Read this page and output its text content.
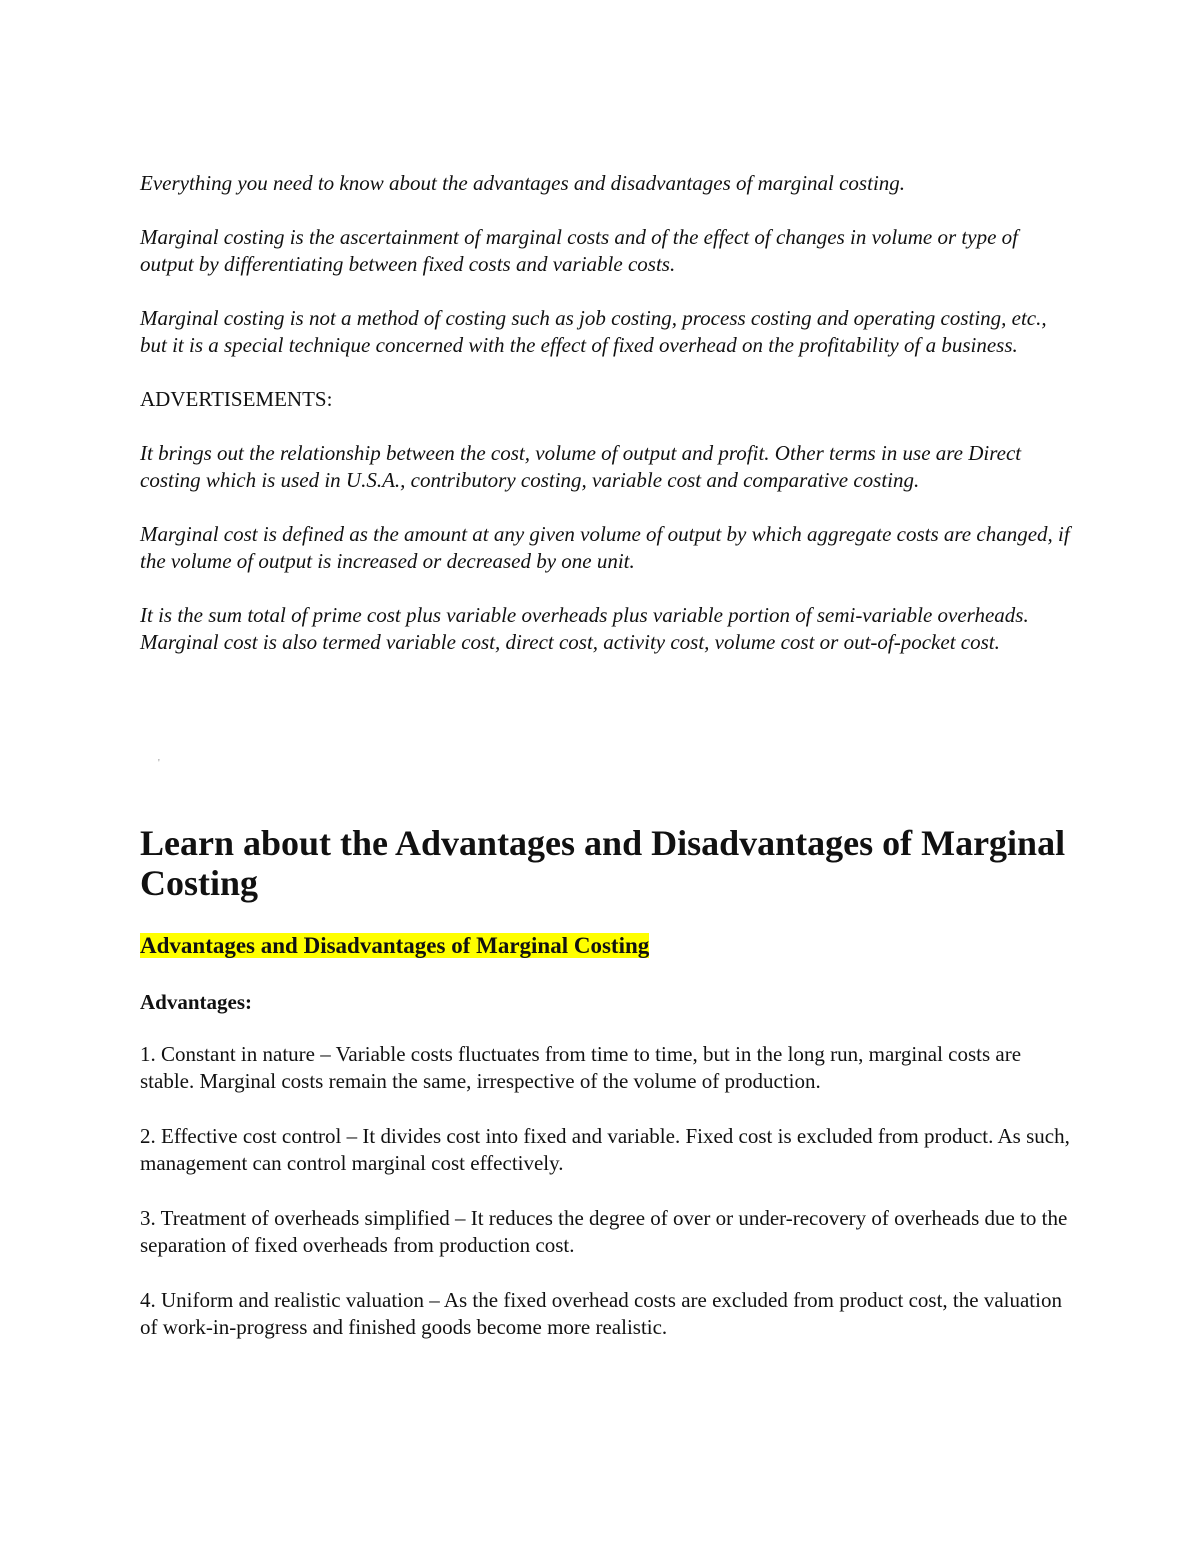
Everything you need to know about the advantages and disadvantages of marginal costing.

Marginal costing is the ascertainment of marginal costs and of the effect of changes in volume or type of output by differentiating between fixed costs and variable costs.

Marginal costing is not a method of costing such as job costing, process costing and operating costing, etc., but it is a special technique concerned with the effect of fixed overhead on the profitability of a business.

ADVERTISEMENTS:

It brings out the relationship between the cost, volume of output and profit. Other terms in use are Direct costing which is used in U.S.A., contributory costing, variable cost and comparative costing.

Marginal cost is defined as the amount at any given volume of output by which aggregate costs are changed, if the volume of output is increased or decreased by one unit.

It is the sum total of prime cost plus variable overheads plus variable portion of semi-variable overheads. Marginal cost is also termed variable cost, direct cost, activity cost, volume cost or out-of-pocket cost.

'
Learn about the Advantages and Disadvantages of Marginal Costing
Advantages and Disadvantages of Marginal Costing

Advantages:

1. Constant in nature – Variable costs fluctuates from time to time, but in the long run, marginal costs are stable. Marginal costs remain the same, irrespective of the volume of production.

2. Effective cost control – It divides cost into fixed and variable. Fixed cost is excluded from product. As such, management can control marginal cost effectively.

3. Treatment of overheads simplified – It reduces the degree of over or under-recovery of overheads due to the separation of fixed overheads from production cost.

4. Uniform and realistic valuation – As the fixed overhead costs are excluded from product cost, the valuation of work-in-progress and finished goods become more realistic.
